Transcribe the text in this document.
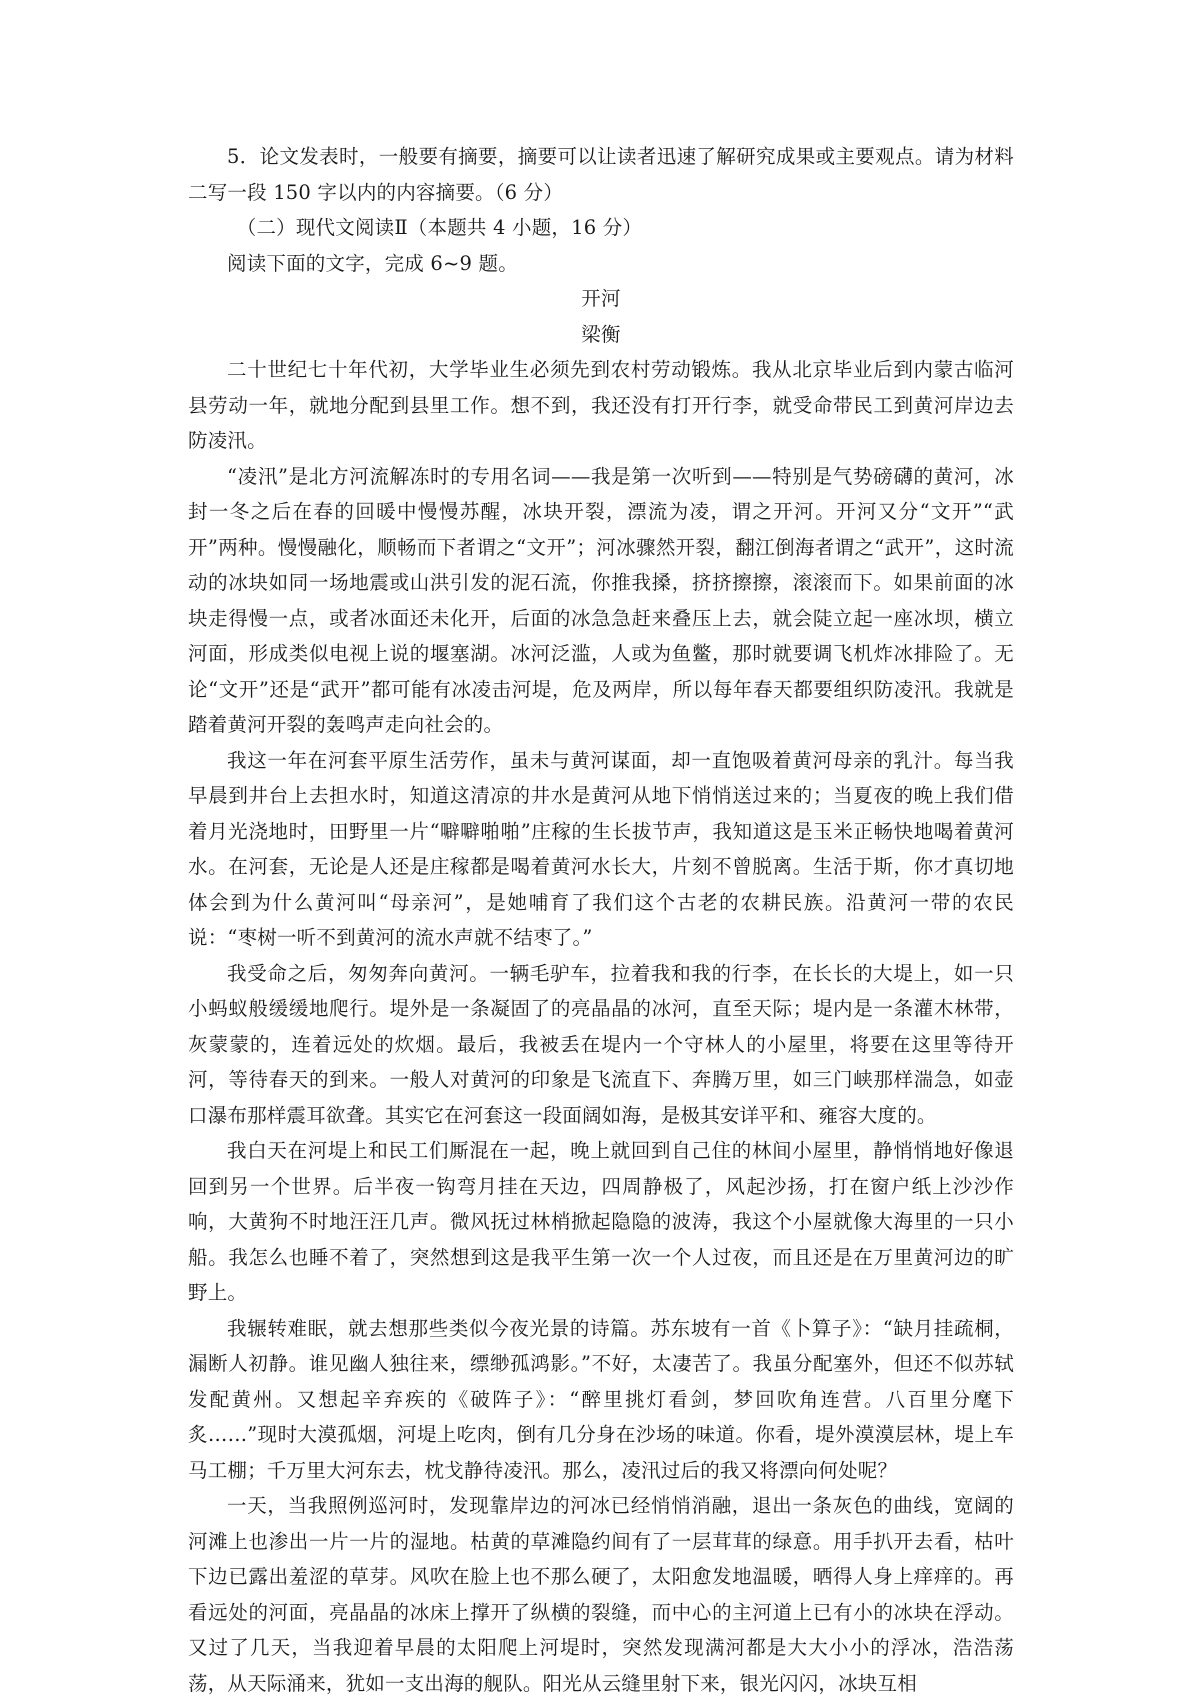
5．论文发表时，一般要有摘要，摘要可以让读者迅速了解研究成果或主要观点。请为材料二写一段 150 字以内的内容摘要。（6 分）

（二）现代文阅读Ⅱ（本题共 4 小题，16 分）

阅读下面的文字，完成 6~9 题。

开河

梁衡

二十世纪七十年代初，大学毕业生必须先到农村劳动锻炼。我从北京毕业后到内蒙古临河县劳动一年，就地分配到县里工作。想不到，我还没有打开行李，就受命带民工到黄河岸边去防凌汛。

“凌汛”是北方河流解冻时的专用名词——我是第一次听到——特别是气势磅礴的黄河，冰封一冬之后在春的回暖中慢慢苏醒，冰块开裂，漂流为凌，谓之开河。开河又分“文开”“武开”两种。慢慢融化，顺畅而下者谓之“文开”；河冰骤然开裂，翻江倒海者谓之“武开”，这时流动的冰块如同一场地震或山洪引发的泥石流，你推我搡，挤挤擦擦，滚滚而下。如果前面的冰块走得慢一点，或者冰面还未化开，后面的冰急急赶来叠压上去，就会陡立起一座冰坝，横立河面，形成类似电视上说的堰塞湖。冰河泛滥，人或为鱼鳖，那时就要调飞机炸冰排险了。无论“文开”还是“武开”都可能有冰凌击河堤，危及两岸，所以每年春天都要组织防凌汛。我就是踏着黄河开裂的轰鸣声走向社会的。

我这一年在河套平原生活劳作，虽未与黄河谋面，却一直饱吸着黄河母亲的乳汁。每当我早晨到井台上去担水时，知道这清凉的井水是黄河从地下悄悄送过来的；当夏夜的晚上我们借着月光浇地时，田野里一片“噼噼啪啪”庄稼的生长拔节声，我知道这是玉米正畅快地喝着黄河水。在河套，无论是人还是庄稼都是喝着黄河水长大，片刻不曾脱离。生活于斯，你才真切地体会到为什么黄河叫“母亲河”，是她哺育了我们这个古老的农耕民族。沿黄河一带的农民说：“枣树一听不到黄河的流水声就不结枣了。”

我受命之后，匆匆奔向黄河。一辆毛驴车，拉着我和我的行李，在长长的大堤上，如一只小蚂蚁般缓缓地爬行。堤外是一条凝固了的亮晶晶的冰河，直至天际；堤内是一条灌木林带，灰蒙蒙的，连着远处的炊烟。最后，我被丢在堤内一个守林人的小屋里，将要在这里等待开河，等待春天的到来。一般人对黄河的印象是飞流直下、奔腾万里，如三门峡那样湍急，如壶口瀑布那样震耳欲聋。其实它在河套这一段面阔如海，是极其安详平和、雍容大度的。

我白天在河堤上和民工们厮混在一起，晚上就回到自己住的林间小屋里，静悄悄地好像退回到另一个世界。后半夜一钩弯月挂在天边，四周静极了，风起沙扬，打在窗户纸上沙沙作响，大黄狗不时地汪汪几声。微风抚过林梢掀起隐隐的波涛，我这个小屋就像大海里的一只小船。我怎么也睡不着了，突然想到这是我平生第一次一个人过夜，而且还是在万里黄河边的旷野上。

我辗转难眠，就去想那些类似今夜光景的诗篇。苏东坡有一首《卜算子》：“缺月挂疏桐，漏断人初静。谁见幽人独往来，缥缈孤鸿影。”不好，太凄苦了。我虽分配塞外，但还不似苏轼发配黄州。又想起辛弃疾的《破阵子》：“醉里挑灯看剑，梦回吹角连营。八百里分麾下炙……”现时大漠孤烟，河堤上吃肉，倒有几分身在沙场的味道。你看，堤外漠漠层林，堤上车马工棚；千万里大河东去，枕戈静待凌汛。那么，凌汛过后的我又将漂向何处呢？

一天，当我照例巡河时，发现靠岸边的河冰已经悄悄消融，退出一条灰色的曲线，宽阔的河滩上也渗出一片一片的湿地。枯黄的草滩隐约间有了一层茸茸的绿意。用手扒开去看，枯叶下边已露出羞涩的草芽。风吹在脸上也不那么硬了，太阳愈发地温暖，晒得人身上痒痒的。再看远处的河面，亮晶晶的冰床上撑开了纵横的裂缝，而中心的主河道上已有小的冰块在浮动。又过了几天，当我迎着早晨的太阳爬上河堤时，突然发现满河都是大大小小的浮冰，浩浩荡荡，从天际涌来，犹如一支出海的舰队。阳光从云缝里射下来，银光闪闪，冰块互相
